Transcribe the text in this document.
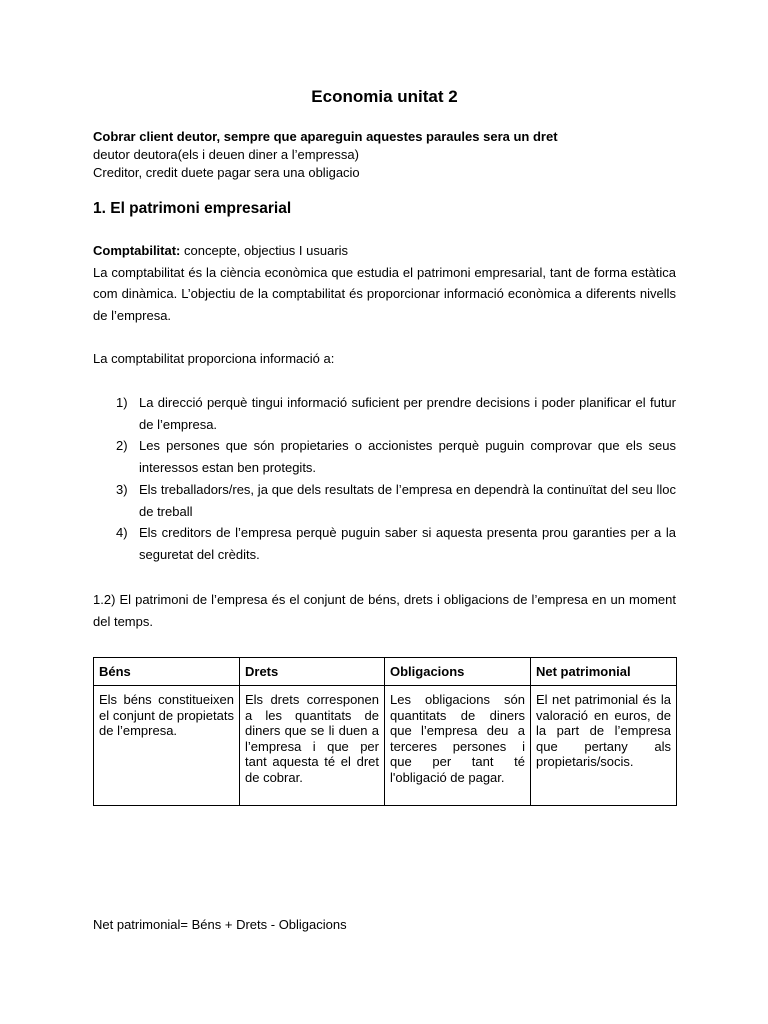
Economia unitat 2
Cobrar client deutor, sempre que apareguin aquestes paraules sera un dret
deutor deutora(els i deuen diner a l’empressa)
Creditor, credit duete pagar sera una obligacio
1. El patrimoni empresarial
Comptabilitat: concepte, objectius I usuaris
La comptabilitat és la ciència econòmica que estudia el patrimoni empresarial, tant de forma estàtica com dinàmica. L’objectiu de la comptabilitat és proporcionar informació econòmica a diferents nivells de l’empresa.
La comptabilitat proporciona informació a:
1) La direcció perquè tingui informació suficient per prendre decisions i poder planificar el futur de l’empresa.
2) Les persones que són propietaries o accionistes perquè puguin comprovar que els seus interessos estan ben protegits.
3) Els treballadors/res, ja que dels resultats de l’empresa en dependrà la continuïtat del seu lloc de treball
4) Els creditors de l’empresa perquè puguin saber si aquesta presenta prou garanties per a la seguretat del crèdits.
1.2) El patrimoni de l’empresa és el conjunt de béns, drets i obligacions de l’empresa en un moment del temps.
Béns	Drets	Obligacions	Net patrimonial
Els béns constitueixen el conjunt de propietats de l’empresa.	Els drets corresponen a les quantitats de diners que se li duen a l’empresa i que per tant aquesta té el dret de cobrar.	Les obligacions són quantitats de diners que l’empresa deu a terceres persones i que per tant té l'obligació de pagar.	El net patrimonial és la valoració en euros, de la part de l’empresa que pertany als propietaris/socis.
Net patrimonial= Béns + Drets - Obligacions
